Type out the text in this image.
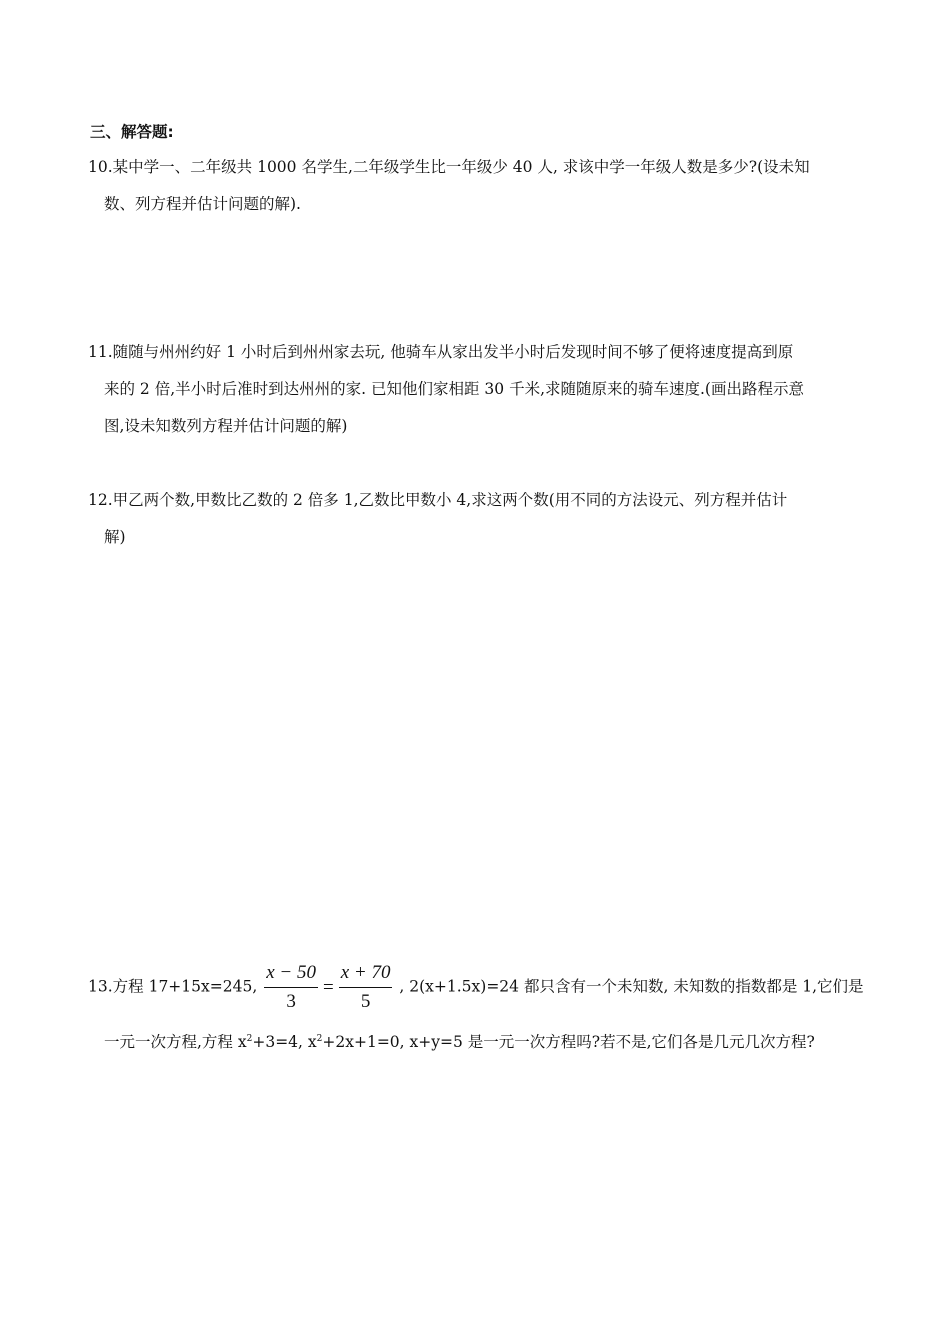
三、解答题:
10.某中学一、二年级共 1000 名学生,二年级学生比一年级少 40 人, 求该中学一年级人数是多少?(设未知
数、列方程并估计问题的解).
11.随随与州州约好 1 小时后到州州家去玩, 他骑车从家出发半小时后发现时间不够了便将速度提高到原
来的 2 倍,半小时后准时到达州州的家. 已知他们家相距 30 千米,求随随原来的骑车速度.(画出路程示意
图,设未知数列方程并估计问题的解)
12.甲乙两个数,甲数比乙数的 2 倍多 1,乙数比甲数小 4,求这两个数(用不同的方法设元、列方程并估计
解)
13.方程 17+15x=245, $\frac{x - 50}{3} = \frac{x + 70}{5}$ , 2(x+1.5x)=24 都只含有一个未知数, 未知数的指数都是 1,它们是
一元一次方程,方程 $x^2+3=4$, $x^2+2x+1=0$, x+y=5 是一元一次方程吗?若不是,它们各是几元几次方程?
